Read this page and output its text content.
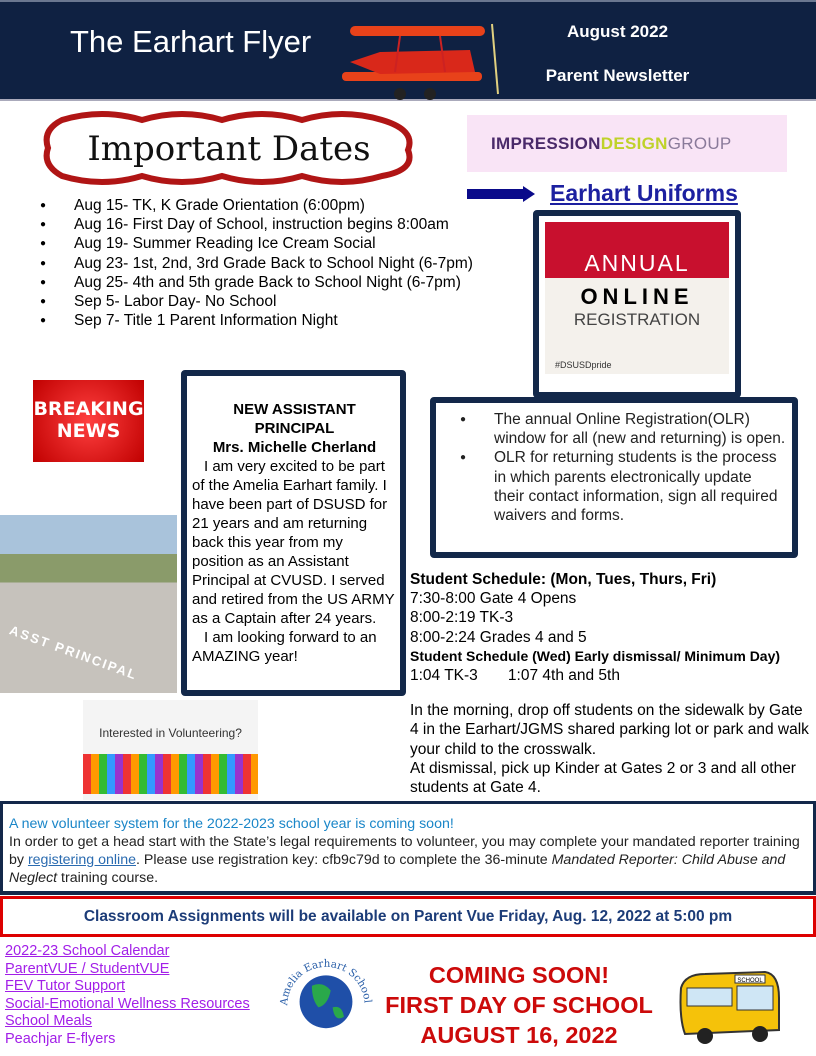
The Earhart Flyer	August 2022
Parent Newsletter
Important Dates	IMPRESSION DESIGN GROUP
Earhart Uniforms
● Aug 15- TK, K Grade Orientation (6:00pm)
● Aug 16- First Day of School, instruction begins 8:00am
● Aug 19- Summer Reading Ice Cream Social
● Aug 23- 1st, 2nd, 3rd Grade Back to School Night (6-7pm)
● Aug 25- 4th and 5th grade Back to School Night (6-7pm)
● Sep 5- Labor Day- No School
● Sep 7- Title 1 Parent Information Night
ANNUAL
ONLINE
REGISTRATION
#DSUSDpride
BREAKING
NEWS
ASST PRINCIPAL
NEW ASSISTANT PRINCIPAL
Mrs. Michelle Cherland
I am very excited to be part of the Amelia Earhart family. I have been part of DSUSD for 21 years and am returning back this year from my position as an Assistant Principal at CVUSD. I served and retired from the US ARMY as a Captain after 24 years.
I am looking forward to an AMAZING year!
● The annual Online Registration(OLR) window for all (new and returning) is open.
● OLR for returning students is the process in which parents electronically update their contact information, sign all required waivers and forms.
Student Schedule: (Mon, Tues, Thurs, Fri)
7:30-8:00 Gate 4 Opens
8:00-2:19 TK-3
8:00-2:24 Grades 4 and 5
Student Schedule (Wed) Early dismissal/ Minimum Day)      1:04 TK-3       1:07 4th and 5th
In the morning, drop off students on the sidewalk by Gate 4 in the Earhart/JGMS shared parking lot or park and walk your child to the crosswalk.
At dismissal, pick up Kinder at Gates 2 or 3 and all other students at Gate 4.
Interested in Volunteering?
A new volunteer system for the 2022-2023 school year is coming soon!
In order to get a head start with the State’s legal requirements to volunteer, you may complete your mandated reporter training by registering online. Please use registration key: cfb9c79d to complete the 36-minute Mandated Reporter: Child Abuse and Neglect training course.
Classroom Assignments will be available on Parent Vue Friday, Aug. 12, 2022 at 5:00 pm
2022-23 School Calendar
ParentVUE / StudentVUE
FEV Tutor Support
Social-Emotional Wellness Resources
School Meals
Peachjar E-flyers
Amelia Earhart School
COMING SOON!
FIRST DAY OF SCHOOL
AUGUST 16, 2022
SCHOOL
